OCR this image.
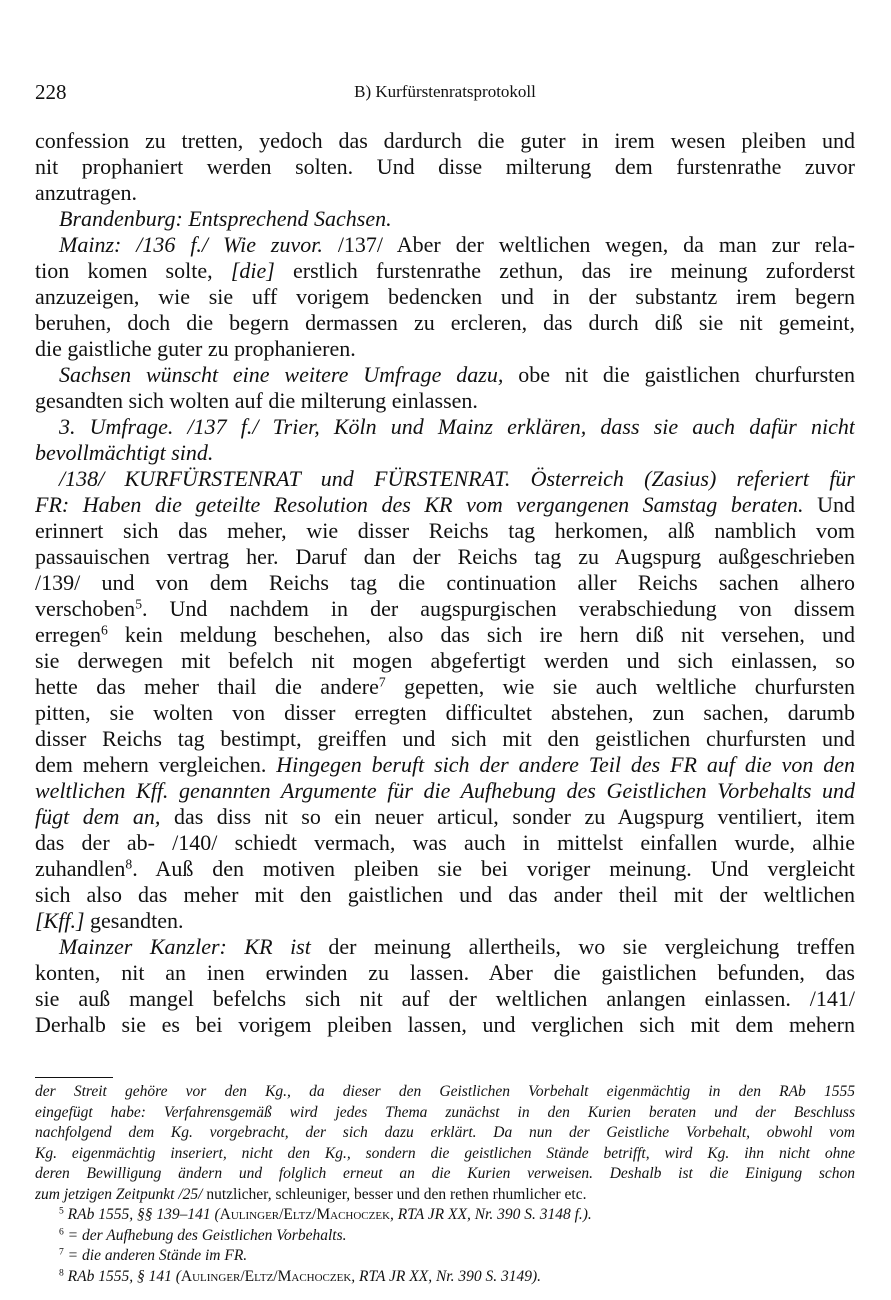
228	B) Kurfürstenratsprotokoll
confession zu tretten, yedoch das dardurch die guter in irem wesen pleiben und
nit prophaniert werden solten. Und disse milterung dem furstenrathe zuvor
anzutragen.
Brandenburg: Entsprechend Sachsen.
Mainz: /136 f./ Wie zuvor. /137/ Aber der weltlichen wegen, da man zur rela-
tion komen solte, [die] erstlich furstenrathe zethun, das ire meinung zuforderst
anzuzeigen, wie sie uff vorigem bedencken und in der substantz irem begern
beruhen, doch die begern dermassen zu ercleren, das durch diß sie nit gemeint,
die gaistliche guter zu prophanieren.
Sachsen wünscht eine weitere Umfrage dazu, obe nit die gaistlichen churfursten
gesandten sich wolten auf die milterung einlassen.
3. Umfrage. /137 f./ Trier, Köln und Mainz erklären, dass sie auch dafür nicht
bevollmächtigt sind.
/138/ KURFÜRSTENRAT und FÜRSTENRAT. Österreich (Zasius) referiert für
FR: Haben die geteilte Resolution des KR vom vergangenen Samstag beraten. Und
erinnert sich das meher, wie disser Reichs tag herkomen, alß namblich vom
passauischen vertrag her. Daruf dan der Reichs tag zu Augspurg außgeschrieben
/139/ und von dem Reichs tag die continuation aller Reichs sachen alhero
verschoben$^5$. Und nachdem in der augspurgischen verabschiedung von dissem
erregen$^6$ kein meldung beschehen, also das sich ire hern diß nit versehen, und
sie derwegen mit befelch nit mogen abgefertigt werden und sich einlassen, so
hette das meher thail die andere$^7$ gepetten, wie sie auch weltliche churfursten
pitten, sie wolten von disser erregten difficultet abstehen, zun sachen, darumb
disser Reichs tag bestimpt, greiffen und sich mit den geistlichen churfursten und
dem mehern vergleichen. Hingegen beruft sich der andere Teil des FR auf die von den
weltlichen Kff. genannten Argumente für die Aufhebung des Geistlichen Vorbehalts und
fügt dem an, das diss nit so ein neuer articul, sonder zu Augspurg ventiliert, item
das der ab- /140/ schiedt vermach, was auch in mittelst einfallen wurde, alhie
zuhandlen$^8$. Auß den motiven pleiben sie bei voriger meinung. Und vergleicht
sich also das meher mit den gaistlichen und das ander theil mit der weltlichen
[Kff.] gesandten.
Mainzer Kanzler: KR ist der meinung allertheils, wo sie vergleichung treffen
konten, nit an inen erwinden zu lassen. Aber die gaistlichen befunden, das
sie auß mangel befelchs sich nit auf der weltlichen anlangen einlassen. /141/
Derhalb sie es bei vorigem pleiben lassen, und verglichen sich mit dem mehern
der Streit gehöre vor den Kg., da dieser den Geistlichen Vorbehalt eigenmächtig in den RAb 1555
eingefügt habe: Verfahrensgemäß wird jedes Thema zunächst in den Kurien beraten und der Beschluss
nachfolgend dem Kg. vorgebracht, der sich dazu erklärt. Da nun der Geistliche Vorbehalt, obwohl vom
Kg. eigenmächtig inseriert, nicht den Kg., sondern die geistlichen Stände betrifft, wird Kg. ihn nicht ohne
deren Bewilligung ändern und folglich erneut an die Kurien verweisen. Deshalb ist die Einigung schon
zum jetzigen Zeitpunkt /25/ nutzlicher, schleuniger, besser und den rethen rhumlicher etc.
$^5$ RAb 1555, §§ 139–141 (Aulinger/Eltz/Machoczek, RTA JR XX, Nr. 390 S. 3148 f.).
$^6$ = der Aufhebung des Geistlichen Vorbehalts.
$^7$ = die anderen Stände im FR.
$^8$ RAb 1555, § 141 (Aulinger/Eltz/Machoczek, RTA JR XX, Nr. 390 S. 3149).
